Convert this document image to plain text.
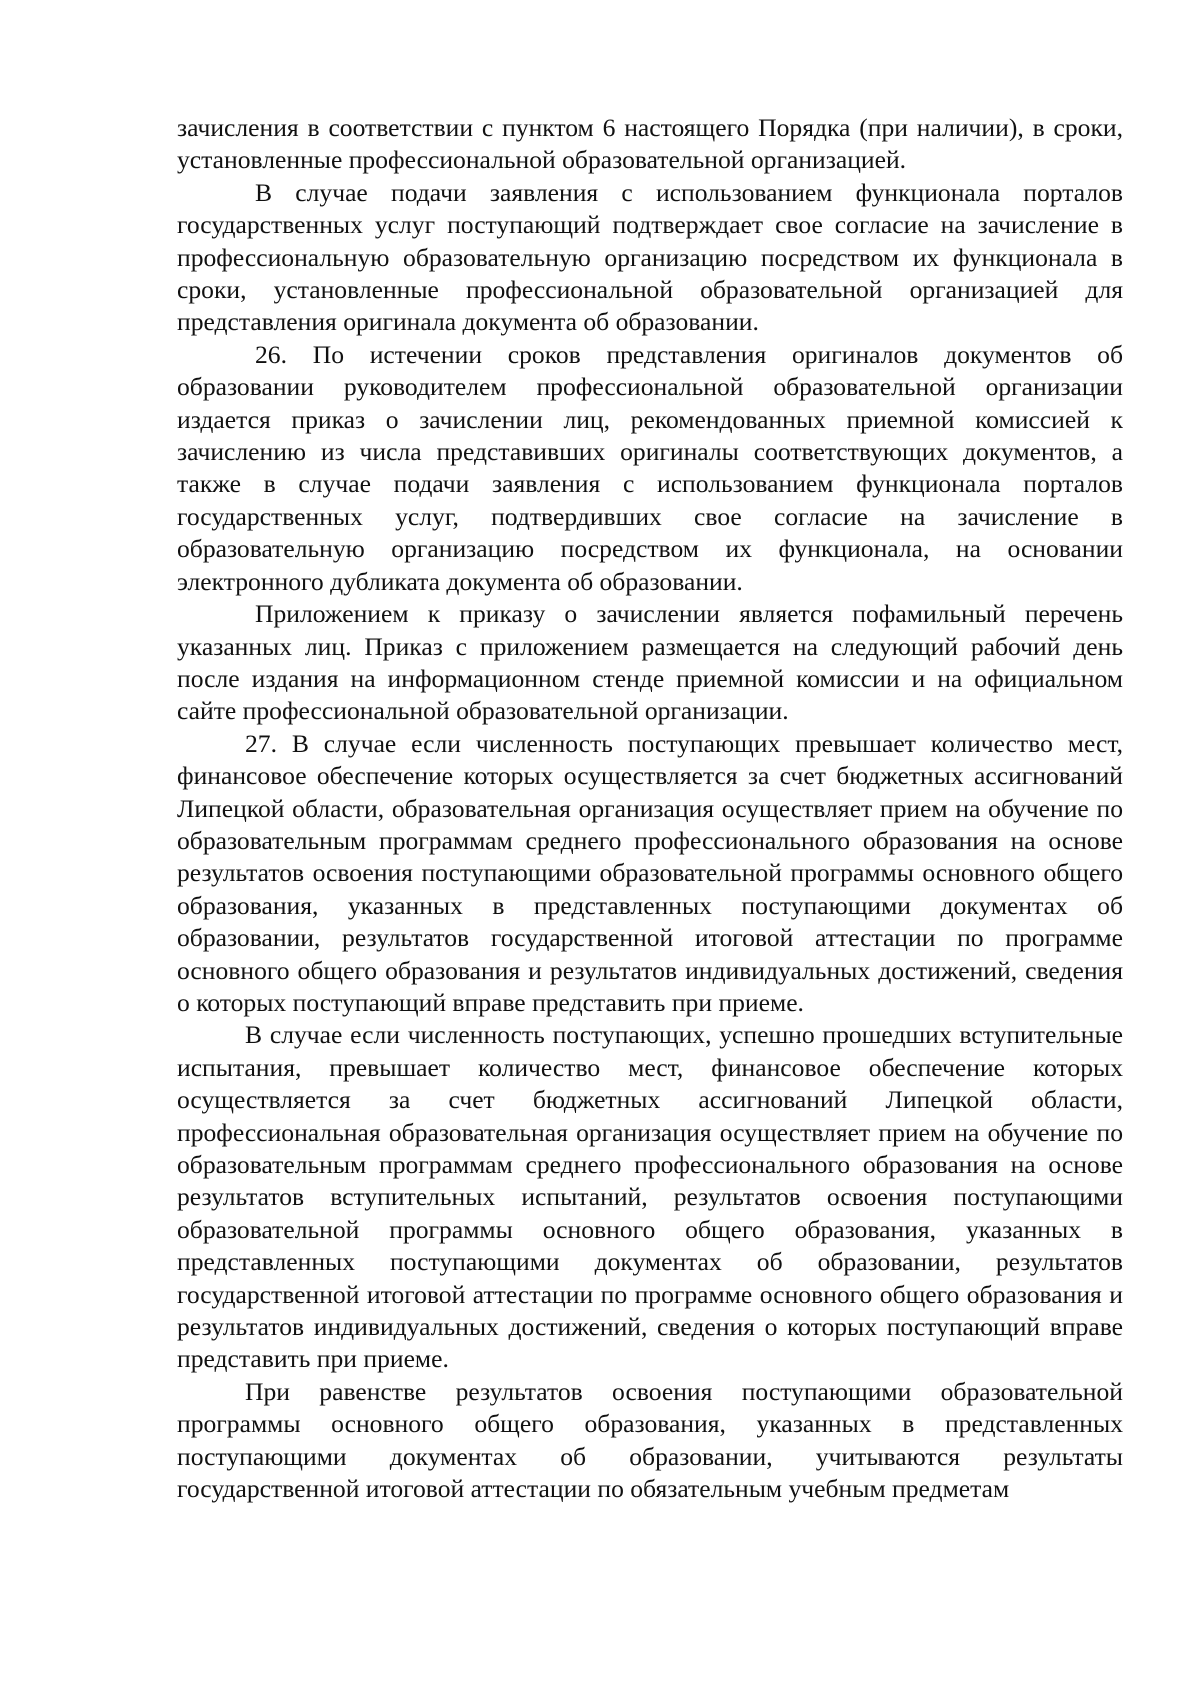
зачисления в соответствии с пунктом 6 настоящего Порядка (при наличии), в сроки, установленные профессиональной образовательной организацией.

В случае подачи заявления с использованием функционала порталов государственных услуг поступающий подтверждает свое согласие на зачисление в профессиональную образовательную организацию посредством их функционала в сроки, установленные профессиональной образовательной организацией для представления оригинала документа об образовании.

26. По истечении сроков представления оригиналов документов об образовании руководителем профессиональной образовательной организации издается приказ о зачислении лиц, рекомендованных приемной комиссией к зачислению из числа представивших оригиналы соответствующих документов, а также в случае подачи заявления с использованием функционала порталов государственных услуг, подтвердивших свое согласие на зачисление в образовательную организацию посредством их функционала, на основании электронного дубликата документа об образовании.

Приложением к приказу о зачислении является пофамильный перечень указанных лиц. Приказ с приложением размещается на следующий рабочий день после издания на информационном стенде приемной комиссии и на официальном сайте профессиональной образовательной организации.

27. В случае если численность поступающих превышает количество мест, финансовое обеспечение которых осуществляется за счет бюджетных ассигнований Липецкой области, образовательная организация осуществляет прием на обучение по образовательным программам среднего профессионального образования на основе результатов освоения поступающими образовательной программы основного общего образования, указанных в представленных поступающими документах об образовании, результатов государственной итоговой аттестации по программе основного общего образования и результатов индивидуальных достижений, сведения о которых поступающий вправе представить при приеме.

В случае если численность поступающих, успешно прошедших вступительные испытания, превышает количество мест, финансовое обеспечение которых осуществляется за счет бюджетных ассигнований Липецкой области, профессиональная образовательная организация осуществляет прием на обучение по образовательным программам среднего профессионального образования на основе результатов вступительных испытаний, результатов освоения поступающими образовательной программы основного общего образования, указанных в представленных поступающими документах об образовании, результатов государственной итоговой аттестации по программе основного общего образования и результатов индивидуальных достижений, сведения о которых поступающий вправе представить при приеме.

При равенстве результатов освоения поступающими образовательной программы основного общего образования, указанных в представленных поступающими документах об образовании, учитываются результаты государственной итоговой аттестации по обязательным учебным предметам
